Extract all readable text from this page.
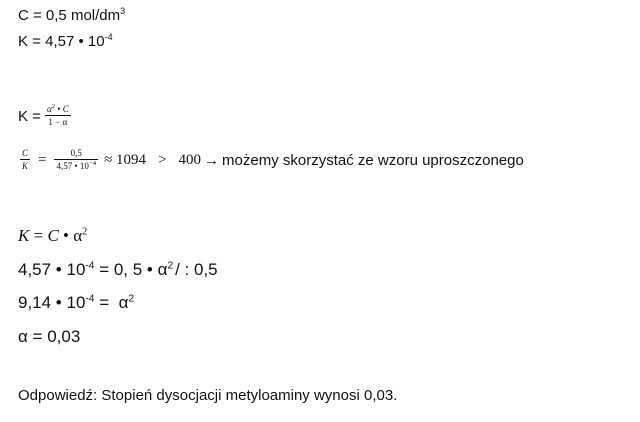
C = 0,5 mol/$dm^3$
K = 4,57 • $10^{-4}$
$K = \frac{\alpha^2 • C}{1 - \alpha}$
$\frac{C}{K} = \frac{0,5}{4,57 • 10^{-4}} \approx 1094 > 400$ → możemy skorzystać ze wzoru uproszczonego
K = C • $\alpha^2$
4,57 • $10^{-4} = 0$, 5 • $\alpha^2$ / : 0,5
9,14 • $10^{-4} = \alpha^2$
α = 0,03
Odpowiedź: Stopień dysocjacji metyloaminy wynosi 0,03.
